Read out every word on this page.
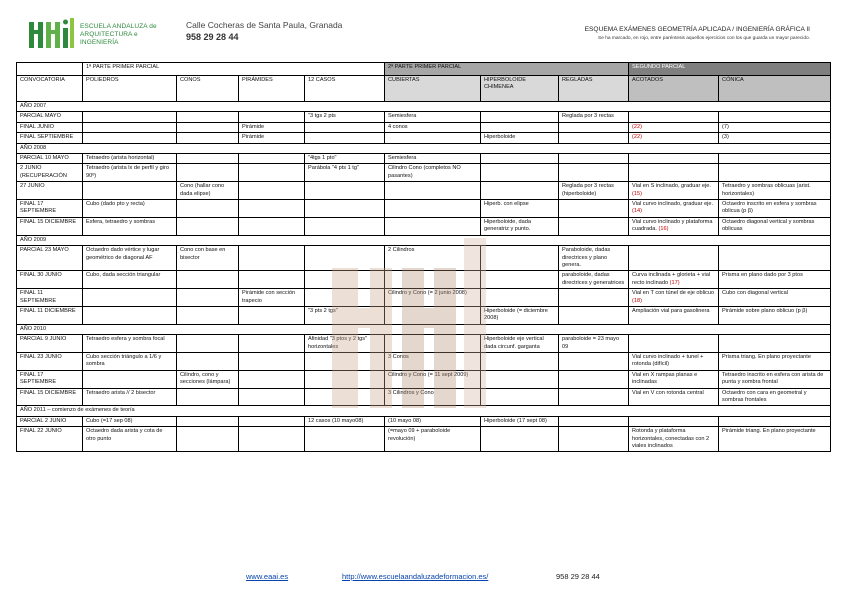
ESCUELA ANDALUZA de
ARQUITECTURA e INGENIERÍA
Calle Cocheras de Santa Paula, Granada
958 29 28 44
ESQUEMA EXÁMENES GEOMETRÍA APLICADA / INGENIERÍA GRÁFICA II
Se ha marcado, en rojo, entre paréntesis aquellos ejercicios con los que guarda un mayor parecido.
	1ª PARTE PRIMER PARCIAL				2ª PARTE PRIMER PARCIAL			SEGUNDO PARCIAL	
CONVOCATORIA	POLIEDROS	CONOS	PIRÁMIDES	12 CASOS	CUBIERTAS	HIPERBOLOIDE CHIMENEA	REGLADAS	ACOTADOS	CÓNICA
AÑO 2007									
PARCIAL MAYO				"3 tgs 2 pts	Semiesfera		Reglada por 3 rectas		
FINAL JUNIO			Pirámide		4 conos			(22)	(7)
FINAL SEPTIEMBRE			Pirámide			Hiperboloide		(22)	(3)
AÑO 2008									
PARCIAL 10 MAYO	Tetraedro (arista horizontal)			"4tgs 1 pto"	Semiesfera				
2 JUNIO (RECUPERACIÓN	Tetraedro (arista lx de perfil y giro 90º)			Parábola "4 pts 1 tg"	Cilindro Cono (completos NO pasantes)				
27 JUNIO		Cono (hallar cono dada elipse)					Reglada por 3 rectas (hiperboloide)	Vial en S inclinado, graduar eje. (15)	Tetraedro y sombras oblicuas (arist. horizontales)
FINAL 17 SEPTIEMBRE	Cubo (dado pto y recta)					Hiperb. con elipse		Vial curvo inclinado, graduar eje. (14)	Octaedro inscrito en esfera y sombras oblicua (p β)
FINAL 15 DICIEMBRE	Esfera, tetraedro y sombras					Hiperboloide, dada generatriz y punto.		Vial curvo inclinado y plataforma cuadrada. (16)	Octaedro diagonal vertical y sombras oblicuas
AÑO 2009									
PARCIAL 23 MAYO	Octaedro dado vértice y lugar geométrico de diagonal AF	Cono con base en bisector			2 Cilindros		Paraboloide, dadas directrices y plano genera.		
FINAL 30 JUNIO	Cubo, dada sección triangular						paraboloide, dadas directrices y generatrices	Curva inclinada + glorieta + vial recto inclinado (17)	Prisma en plano dado por 3 ptos
FINAL 11 SEPTIEMBRE			Pirámide con sección trapecio		Cilindro y Cono (= 2 junio 2008)			Vial en T con túnel de eje oblicuo (18)	Cubo con diagonal vertical
FINAL 11 DICIEMBRE				"3 pts 2 tgs"		Hiperboloide (= diciembre 2008)		Ampliación vial para gasolinera	Pirámide sobre plano oblicuo (p β)
AÑO 2010									
PARCIAL 9 JUNIO	Tetraedro esfera y sombra focal			Afinidad "3 ptos y 2 tgs" horizontales		Hiperboloide eje vertical dada circunf. garganta	paraboloide = 23 mayo 09		
FINAL 23 JUNIO	Cubo sección triángulo a 1/6 y sombra				3 Conos			Vial curvo inclinado + tunel + rotonda (difícil)	Prisma triang. En plano proyectante
FINAL 17 SEPTIEMBRE		Cilindro, cono y secciones (lámpara)			Cilindro y Cono (= 11 sept 2009)			Vial en X rampas planas e inclinadas	Tetraedro inscrito en esfera con arista de punta y sombra frontal
FINAL 15 DICIEMBRE	Tetraedro arista // 2 bisector				3 Cilindros y Cono			Vial en V con rotonda central	Octaedro con cara en geometral y sombras frontales
AÑO 2011 – comienzo de exámenes de teoría									
PARCIAL 2 JUNIO	Cubo (=17 sep 08)			12 casos (10 mayo08)	(10 mayo 08)	Hiperboloide (17 sept 08)			
FINAL 22 JUNIO	Octaedro dada arista y cota de otro punto				(=mayo 09 + paraboloide revolución)			Rotonda y plataforma horizontales, conectadas con 2 viales inclinados	Pirámide triang. En plano proyectante
www.eaai.es	http://www.escuelaandaluzadeformacion.es/	958 29 28 44
